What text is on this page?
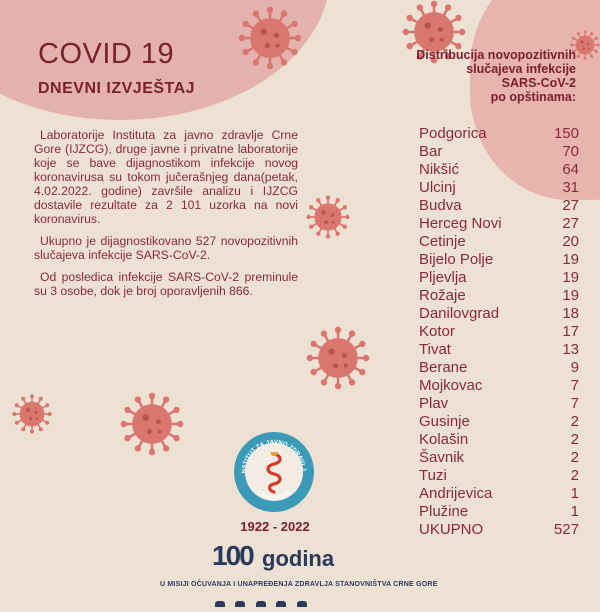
COVID 19
DNEVNI IZVJEŠTAJ

Laboratorije Instituta za javno zdravlje Crne Gore (IJZCG), druge javne i privatne laboratorije koje se bave dijagnostikom infekcije novog koronavirusa su tokom jučerašnjeg dana(petak, 4.02.2022. godine) završile analizu i IJZCG dostavile rezultate za 2 101 uzorka na novi koronavirus.

Ukupno je dijagnostikovano 527 novopozitivnih slučajeva infekcije SARS-CoV-2.

Od posledica infekcije SARS-CoV-2 preminule su 3 osobe, dok je broj oporavljenih 866.

Distribucija novopozitivnih
slučajeva infekcije
SARS-CoV-2
po opštinama:
Podgorica	150
Bar	70
Nikšić	64
Ulcinj	31
Budva	27
Herceg Novi	27
Cetinje	20
Bijelo Polje	19
Pljevlja	19
Rožaje	19
Danilovgrad	18
Kotor	17
Tivat	13
Berane	9
Mojkovac	7
Plav	7
Gusinje	2
Kolašin	2
Šavnik	2
Tuzi	2
Andrijevica	1
Plužine	1
UKUPNO	527
NSTITUT ZA JAVNO ZDRAVLJ
CRNE GORE
1922 - 2022
100 godina
U MISIJI OČUVANJA I UNAPREĐENJA ZDRAVLJA STANOVNIŠTVA CRNE GORE
